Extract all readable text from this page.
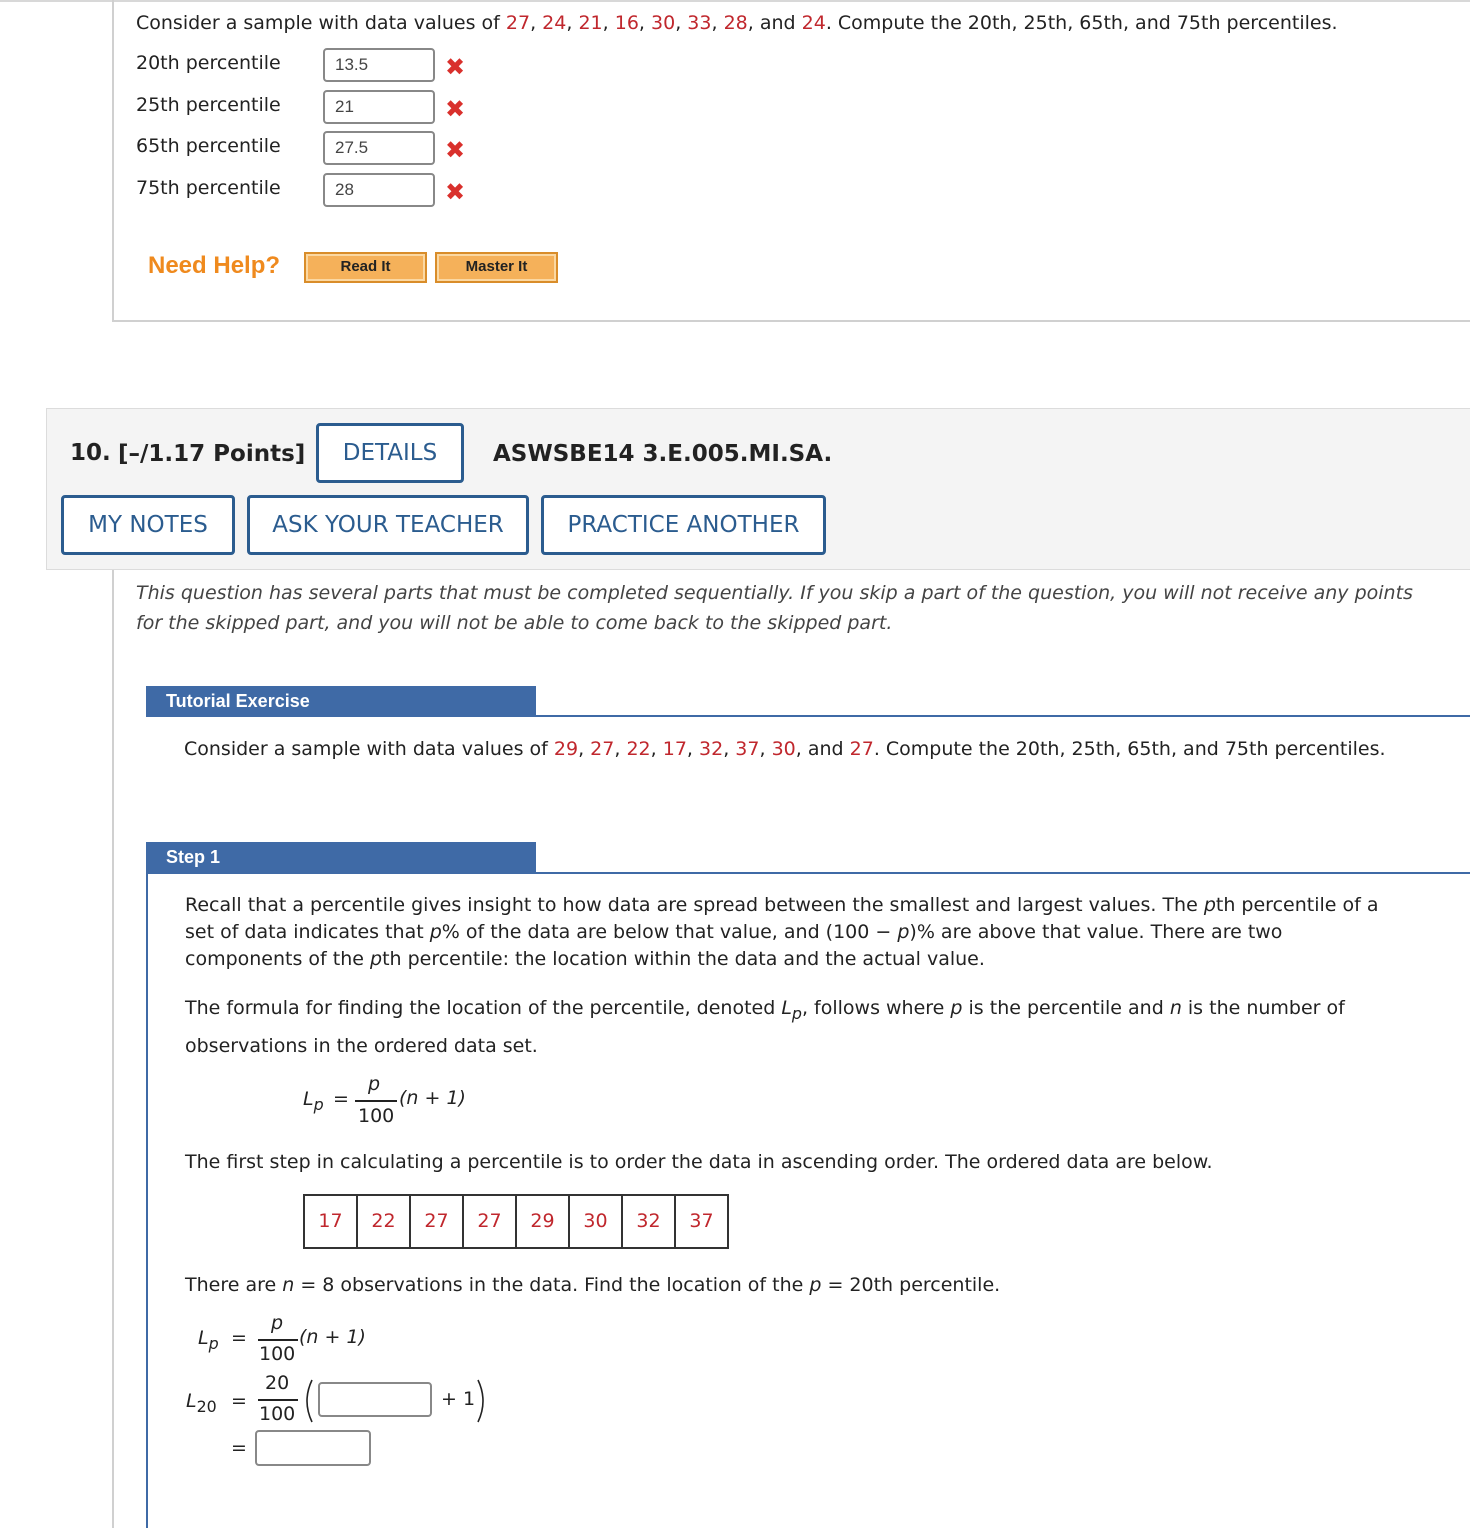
Consider a sample with data values of 27, 24, 21, 16, 30, 33, 28, and 24. Compute the 20th, 25th, 65th, and 75th percentiles.
20th percentile	13.5	✖
25th percentile	21	✖
65th percentile	27.5	✖
75th percentile	28	✖
Need Help?	Read It	Master It
10. [–/1.17 Points]	DETAILS	ASWSBE14 3.E.005.MI.SA.
MY NOTES	ASK YOUR TEACHER	PRACTICE ANOTHER
This question has several parts that must be completed sequentially. If you skip a part of the question, you will not receive any points
for the skipped part, and you will not be able to come back to the skipped part.
Tutorial Exercise
Consider a sample with data values of 29, 27, 22, 17, 32, 37, 30, and 27. Compute the 20th, 25th, 65th, and 75th percentiles.
Step 1
Recall that a percentile gives insight to how data are spread between the smallest and largest values. The pth percentile of a
set of data indicates that p% of the data are below that value, and (100 − p)% are above that value. There are two
components of the pth percentile: the location within the data and the actual value.
The formula for finding the location of the percentile, denoted $L_p$, follows where p is the percentile and n is the number of
observations in the ordered data set.
$L_p$ =
p
100
(n + 1)
The first step in calculating a percentile is to order the data in ascending order. The ordered data are below.
17 22 27 27 29 30 32 37
There are n = 8 observations in the data. Find the location of the p = 20th percentile.
$L_p$ =
p
100
(n + 1)
$L_{20}$ =
20
100
+ 1
=
